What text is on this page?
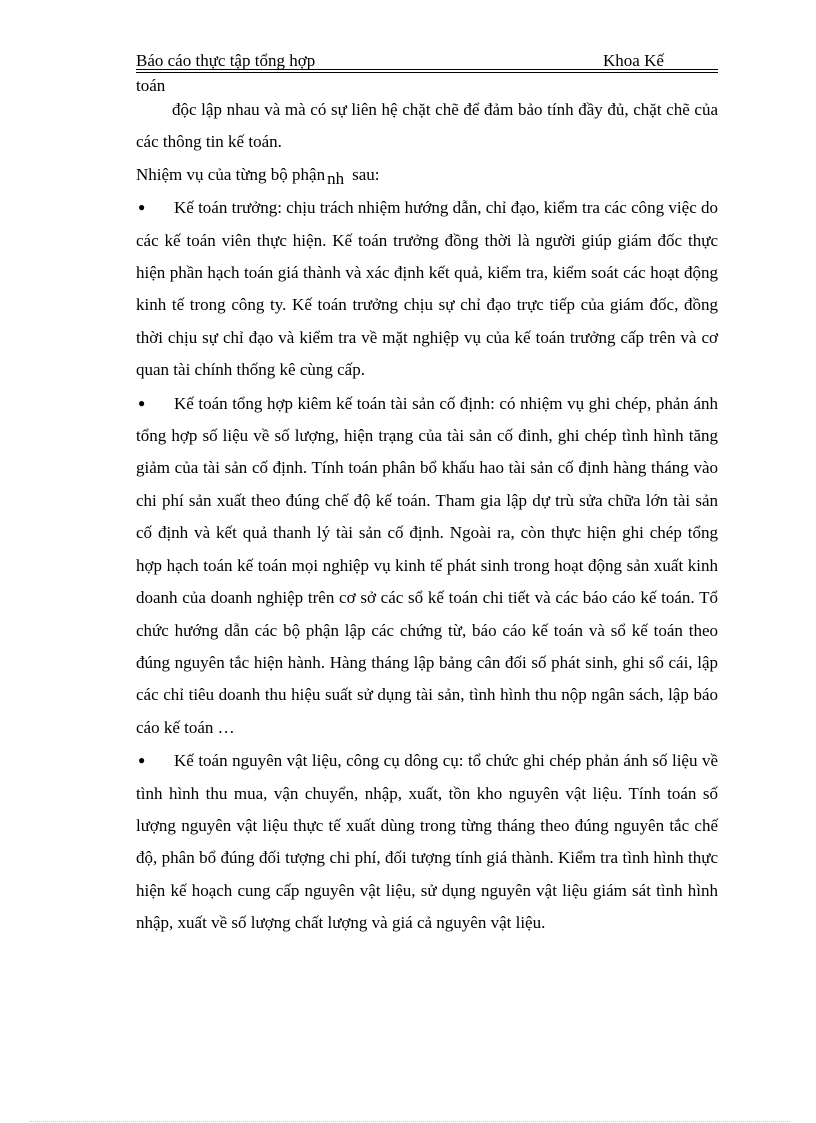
Báo cáo thực tập tổng hợp	Khoa Kế
toán

độc lập nhau và mà có sự liên hệ chặt chẽ để đảm bảo tính đầy đủ, chặt chẽ của các thông tin kế toán.

Nhiệm vụ của từng bộ phận nh sau:

● Kế toán trưởng: chịu trách nhiệm hướng dẫn, chỉ đạo, kiểm tra các công việc do các kế toán viên thực hiện. Kế toán trưởng đồng thời là người giúp giám đốc thực hiện phần hạch toán giá thành và xác định kết quả, kiểm tra, kiểm soát các hoạt động kinh tế trong công ty. Kế toán trưởng chịu sự chỉ đạo trực tiếp của giám đốc, đồng thời chịu sự chỉ đạo và kiểm tra về mặt nghiệp vụ của kế toán trưởng cấp trên và cơ quan tài chính thống kê cùng cấp.

● Kế toán tổng hợp kiêm kế toán tài sản cố định: có nhiệm vụ ghi chép, phản ánh tổng hợp số liệu về số lượng, hiện trạng của tài sản cố đinh, ghi chép tình hình tăng giảm của tài sản cố định. Tính toán phân bổ khấu hao tài sản cố định hàng tháng vào chi phí sản xuất theo đúng chế độ kế toán. Tham gia lập dự trù sửa chữa lớn tài sản cố định và kết quả thanh lý tài sản cố định. Ngoài ra, còn thực hiện ghi chép tổng hợp hạch toán kế toán mọi nghiệp vụ kinh tế phát sinh trong hoạt động sản xuất kinh doanh của doanh nghiệp trên cơ sở các sổ kế toán chi tiết và các báo cáo kế toán. Tổ chức hướng dẫn các bộ phận lập các chứng từ, báo cáo kế toán và sổ kế toán theo đúng nguyên tắc hiện hành. Hàng tháng lập bảng cân đối số phát sinh, ghi sổ cái, lập các chỉ tiêu doanh thu hiệu suất sử dụng tài sản, tình hình thu nộp ngân sách, lập báo cáo kế toán …

● Kế toán nguyên vật liệu, công cụ dông cụ: tổ chức ghi chép phản ánh số liệu về tình hình thu mua, vận chuyển, nhập, xuất, tồn kho nguyên vật liệu. Tính toán số lượng nguyên vật liệu thực tế xuất dùng trong từng tháng theo đúng nguyên tắc chế độ, phân bổ đúng đối tượng chi phí, đối tượng tính giá thành. Kiểm tra tình hình thực hiện kế hoạch cung cấp nguyên vật liệu, sử dụng nguyên vật liệu giám sát tình hình nhập, xuất về số lượng chất lượng và giá cả nguyên vật liệu.
